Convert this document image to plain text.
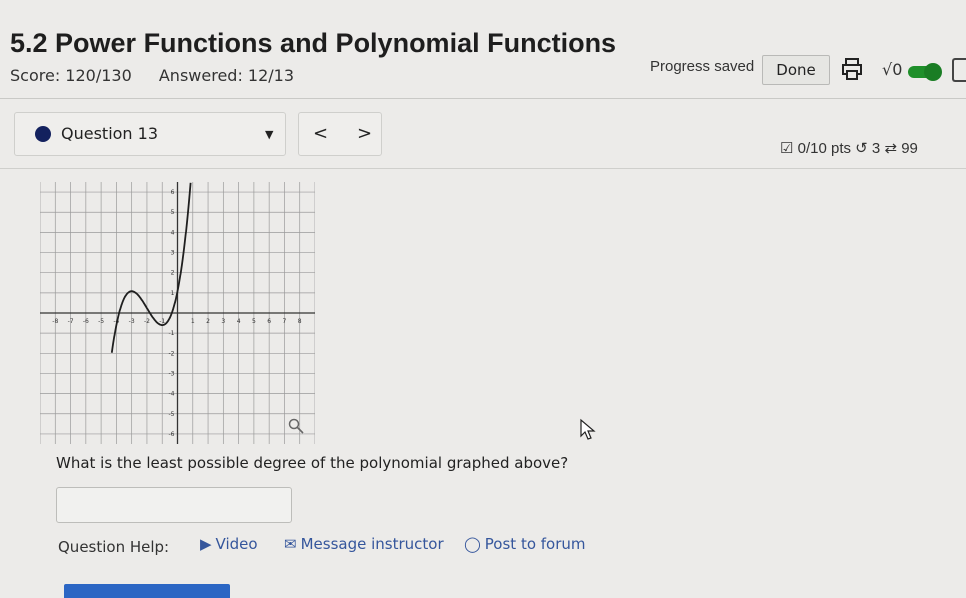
5.2 Power Functions and Polynomial Functions
Score: 120/130 Answered: 12/13	Progress saved	Done	√0
Question 13	▼ < >
☑ 0/10 pts ↺ 3 ⇄ 99
-8 -7 -6 -5 -4 -3 -2 -1	1 2 3 4 5 6 7 8
6
5
4
3
2
1
-1
-2
-3
-4
-5
-6
What is the least possible degree of the polynomial graphed above?
Question Help: ▶ Video ✉ Message instructor ◯ Post to forum
